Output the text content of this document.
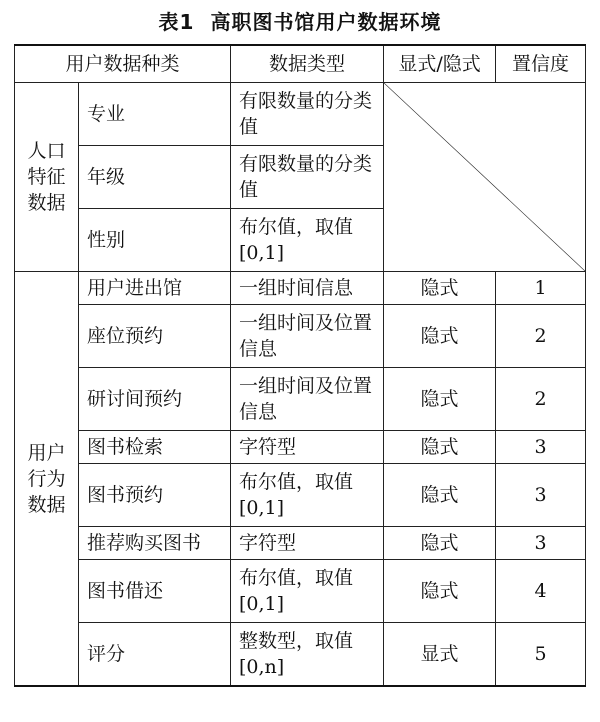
表1 高职图书馆用户数据环境
用户数据种类		数据类型	显式/隐式	置信度
人口特征数据	专业	有限数量的分类值	

	年级	有限数量的分类值		
	性别	布尔值，取值[0,1]		
用户行为数据	用户进出馆	一组时间信息	隐式	1
	座位预约	一组时间及位置信息	隐式	2
	研讨间预约	一组时间及位置信息	隐式	2
	图书检索	字符型	隐式	3
	图书预约	布尔值，取值[0,1]	隐式	3
	推荐购买图书	字符型	隐式	3
	图书借还	布尔值，取值[0,1]	隐式	4
	评分	整数型，取值[0,n]	显式	5
